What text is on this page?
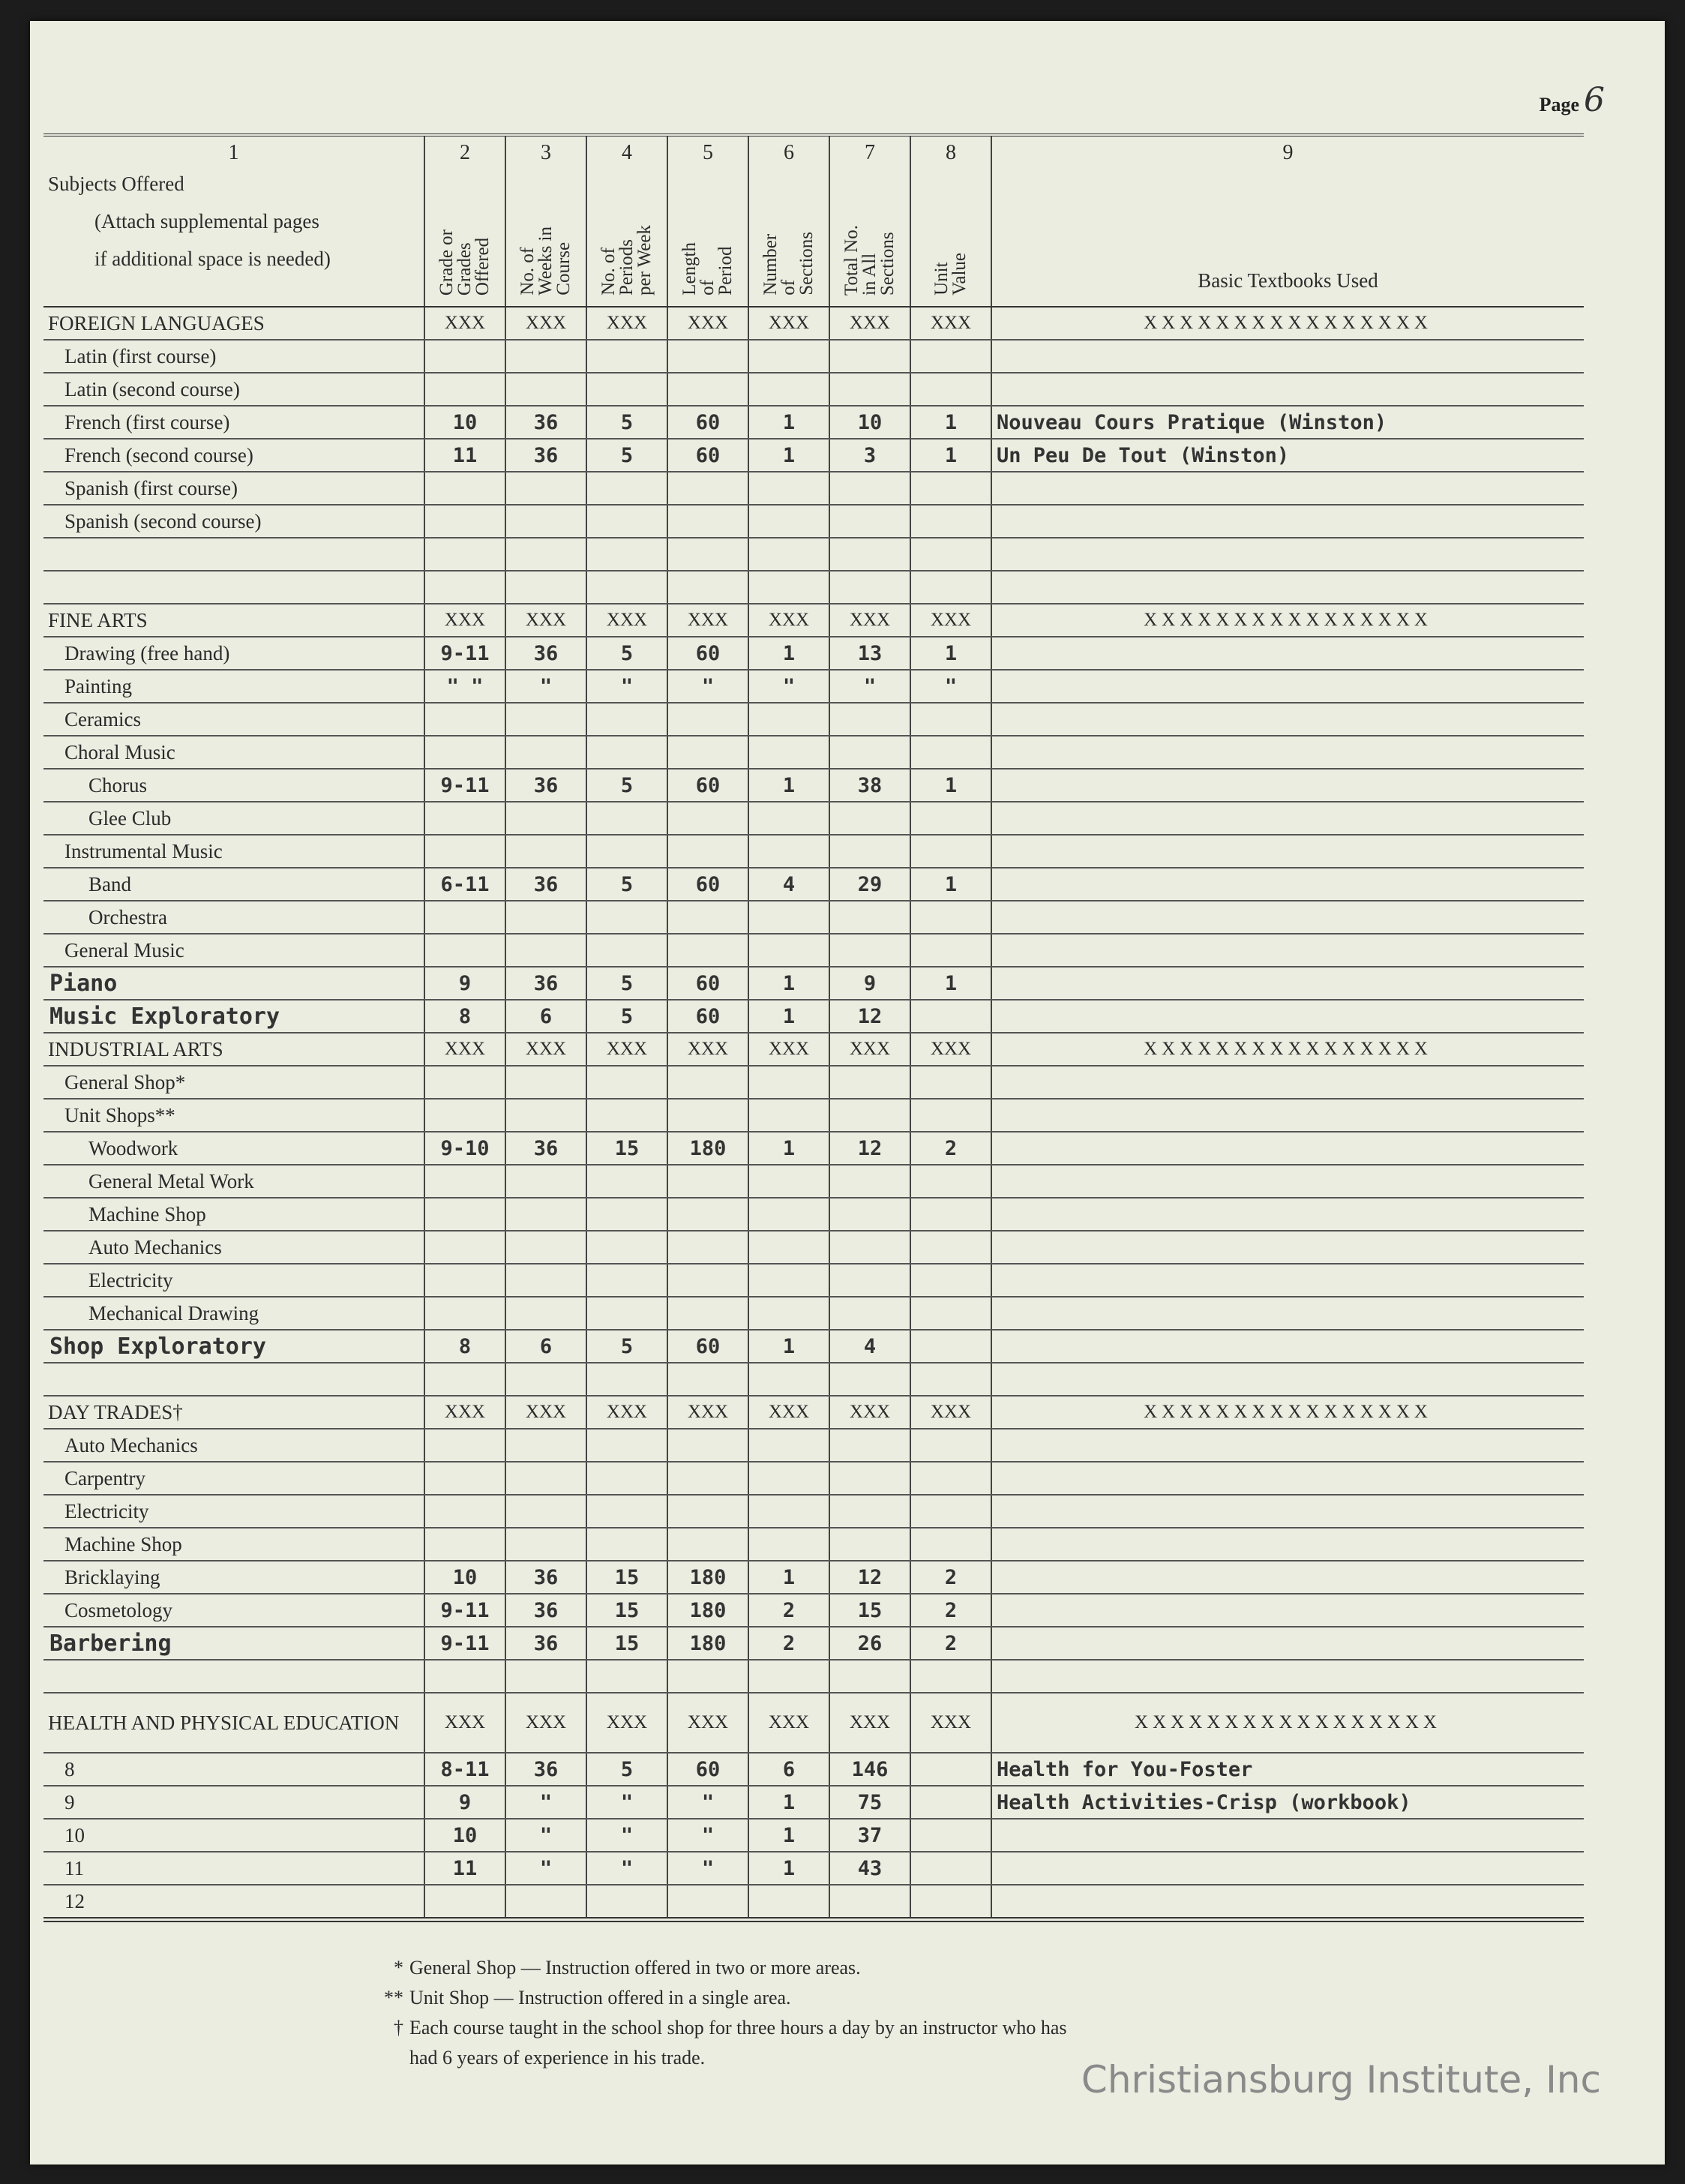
Page 6
1
Subjects Offered
(Attach supplemental pages
if additional space is needed)	2
Grade or
Grades
Offered	3
No. of
Weeks in
Course	4
No. of
Periods
per Week	5
Length
of
Period	6
Number
of
Sections	7
Total No.
in All
Sections	8
Unit
Value	9
Basic Textbooks Used

FOREIGN LANGUAGES	XXX	XXX	XXX	XXX	XXX	XXX	XXX	XXXXXXXXXXXXXXXX
Latin (first course)								
Latin (second course)								
French (first course)	10	36	5	60	1	10	1	Nouveau Cours Pratique (Winston)
French (second course)	11	36	5	60	1	3	1	Un Peu De Tout (Winston)
Spanish (first course)								
Spanish (second course)								

FINE ARTS	XXX	XXX	XXX	XXX	XXX	XXX	XXX	XXXXXXXXXXXXXXXX
Drawing (free hand)	9-11	36	5	60	1	13	1	
Painting	" "	"	"	"	"	"	"	
Ceramics								
Choral Music								
Chorus	9-11	36	5	60	1	38	1	
Glee Club								
Instrumental Music								
Band	6-11	36	5	60	4	29	1	
Orchestra								
General Music								
Piano	9	36	5	60	1	9	1	
Music Exploratory	8	6	5	60	1	12		
INDUSTRIAL ARTS	XXX	XXX	XXX	XXX	XXX	XXX	XXX	XXXXXXXXXXXXXXXX
General Shop*								
Unit Shops**								
Woodwork	9-10	36	15	180	1	12	2	
General Metal Work								
Machine Shop								
Auto Mechanics								
Electricity								
Mechanical Drawing								
Shop Exploratory	8	6	5	60	1	4		

DAY TRADES†	XXX	XXX	XXX	XXX	XXX	XXX	XXX	XXXXXXXXXXXXXXXX
Auto Mechanics								
Carpentry								
Electricity								
Machine Shop								
Bricklaying	10	36	15	180	1	12	2	
Cosmetology	9-11	36	15	180	2	15	2	
Barbering	9-11	36	15	180	2	26	2	

HEALTH AND PHYSICAL EDUCATION	XXX	XXX	XXX	XXX	XXX	XXX	XXX	XXXXXXXXXXXXXXXXX
8	8-11	36	5	60	6	146		Health for You-Foster
9	9	"	"	"	1	75		Health Activities-Crisp (workbook)
10	10	"	"	"	1	37		
11	11	"	"	"	1	43		
12								
* General Shop — Instruction offered in two or more areas.
** Unit Shop — Instruction offered in a single area.
† Each course taught in the school shop for three hours a day by an instructor who has
had 6 years of experience in his trade.
Christiansburg Institute, Inc
